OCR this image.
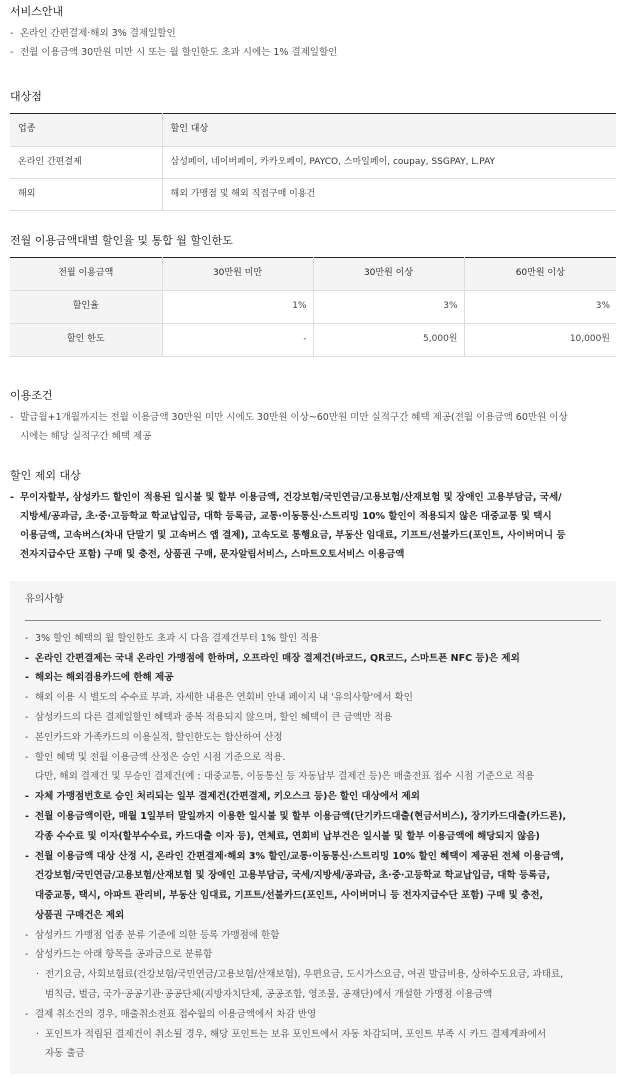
서비스안내

- 온라인 간편결제·해외 3% 결제일할인

- 전월 이용금액 30만원 미만 시 또는 월 할인한도 초과 시에는 1% 결제일할인

대상점
업종	할인 대상
온라인 간편결제	삼성페이, 네이버페이, 카카오페이, PAYCO, 스마일페이, coupay, SSGPAY, L.PAY
해외	해외 가맹점 및 해외 직접구매 이용건
전월 이용금액대별 할인율 및 통합 월 할인한도
전월 이용금액	30만원 미만	30만원 이상	60만원 이상
할인율	1%	3%	3%
할인 한도	-	5,000원	10,000원
이용조건

- 발급월+1개월까지는 전월 이용금액 30만원 미만 시에도 30만원 이상~60만원 미만 실적구간 혜택 제공(전월 이용금액 60만원 이상

시에는 해당 실적구간 혜택 제공

할인 제외 대상

- 무이자할부, 삼성카드 할인이 적용된 일시불 및 할부 이용금액, 건강보험/국민연금/고용보험/산재보험 및 장애인 고용부담금, 국세/

지방세/공과금, 초·중·고등학교 학교납입금, 대학 등록금, 교통·이동통신·스트리밍 10% 할인이 적용되지 않은 대중교통 및 택시

이용금액, 고속버스(차내 단말기 및 고속버스 앱 결제), 고속도로 통행요금, 부동산 임대료, 기프트/선불카드(포인트, 사이버머니 등

전자지급수단 포함) 구매 및 충전, 상품권 구매, 문자알림서비스, 스마트오토서비스 이용금액

유의사항

- 3% 할인 혜택의 월 할인한도 초과 시 다음 결제건부터 1% 할인 적용

- 온라인 간편결제는 국내 온라인 가맹점에 한하며, 오프라인 매장 결제건(바코드, QR코드, 스마트폰 NFC 등)은 제외

- 해외는 해외겸용카드에 한해 제공

- 해외 이용 시 별도의 수수료 부과, 자세한 내용은 연회비 안내 페이지 내 '유의사항'에서 확인

- 삼성카드의 다른 결제일할인 혜택과 중복 적용되지 않으며, 할인 혜택이 큰 금액만 적용

- 본인카드와 가족카드의 이용실적, 할인한도는 합산하여 산정

- 할인 혜택 및 전월 이용금액 산정은 승인 시점 기준으로 적용.

다만, 해외 결제건 및 무승인 결제건(예 : 대중교통, 이동통신 등 자동납부 결제건 등)은 매출전표 접수 시점 기준으로 적용

- 자체 가맹점번호로 승인 처리되는 일부 결제건(간편결제, 키오스크 등)은 할인 대상에서 제외

- 전월 이용금액이란, 매월 1일부터 말일까지 이용한 일시불 및 할부 이용금액(단기카드대출(현금서비스), 장기카드대출(카드론),

각종 수수료 및 이자(할부수수료, 카드대출 이자 등), 연체료, 연회비 납부건은 일시불 및 할부 이용금액에 해당되지 않음)

- 전월 이용금액 대상 산정 시, 온라인 간편결제·해외 3% 할인/교통·이동통신·스트리밍 10% 할인 혜택이 제공된 전체 이용금액,

건강보험/국민연금/고용보험/산재보험 및 장애인 고용부담금, 국세/지방세/공과금, 초·중·고등학교 학교납입금, 대학 등록금,

대중교통, 택시, 아파트 관리비, 부동산 임대료, 기프트/선불카드(포인트, 사이버머니 등 전자지급수단 포함) 구매 및 충전,

상품권 구매건은 제외

- 삼성카드 가맹점 업종 분류 기준에 의한 등록 가맹점에 한함

- 삼성카드는 아래 항목을 공과금으로 분류함

· 전기요금, 사회보험료(건강보험/국민연금/고용보험/산재보험), 우편요금, 도시가스요금, 여권 발급비용, 상하수도요금, 과태료,

범칙금, 벌금, 국가·공공기관·공공단체(지방자치단체, 공공조합, 영조물, 공재단)에서 개설한 가맹점 이용금액

- 결제 취소건의 경우, 매출취소전표 접수월의 이용금액에서 차감 반영

· 포인트가 적립된 결제건이 취소될 경우, 해당 포인트는 보유 포인트에서 자동 차감되며, 포인트 부족 시 카드 결제계좌에서

자동 출금
